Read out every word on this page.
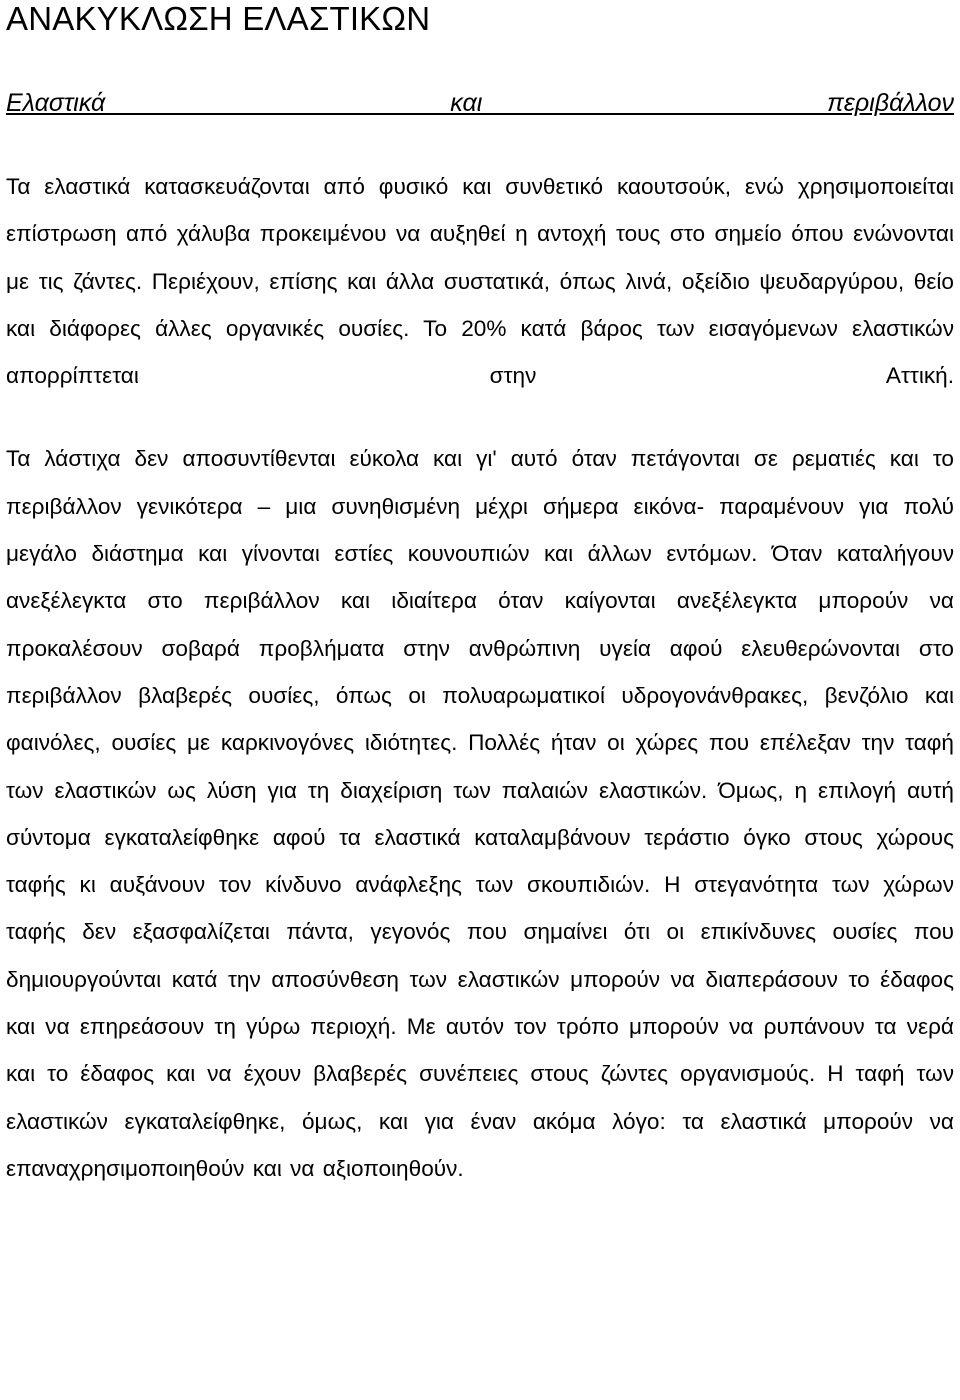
ΑΝΑΚΥΚΛΩΣΗ ΕΛΑΣΤΙΚΩΝ
Ελαστικά και περιβάλλον

Τα ελαστικά κατασκευάζονται από φυσικό και συνθετικό καουτσούκ, ενώ χρησιμοποιείται επίστρωση από χάλυβα προκειμένου να αυξηθεί η αντοχή τους στο σημείο όπου ενώνονται με τις ζάντες. Περιέχουν, επίσης και άλλα συστατικά, όπως λινά, οξείδιο ψευδαργύρου, θείο και διάφορες άλλες οργανικές ουσίες. Το 20% κατά βάρος των εισαγόμενων ελαστικών απορρίπτεται στην Αττική.

Τα λάστιχα δεν αποσυντίθενται εύκολα και γι' αυτό όταν πετάγονται σε ρεματιές και το περιβάλλον γενικότερα – μια συνηθισμένη μέχρι σήμερα εικόνα- παραμένουν για πολύ μεγάλο διάστημα και γίνονται εστίες κουνουπιών και άλλων εντόμων. Όταν καταλήγουν ανεξέλεγκτα στο περιβάλλον και ιδιαίτερα όταν καίγονται ανεξέλεγκτα μπορούν να προκαλέσουν σοβαρά προβλήματα στην ανθρώπινη υγεία αφού ελευθερώνονται στο περιβάλλον βλαβερές ουσίες, όπως οι πολυαρωματικοί υδρογονάνθρακες, βενζόλιο και φαινόλες, ουσίες με καρκινογόνες ιδιότητες. Πολλές ήταν οι χώρες που επέλεξαν την ταφή των ελαστικών ως λύση για τη διαχείριση των παλαιών ελαστικών. Όμως, η επιλογή αυτή σύντομα εγκαταλείφθηκε αφού τα ελαστικά καταλαμβάνουν τεράστιο όγκο στους χώρους ταφής κι αυξάνουν τον κίνδυνο ανάφλεξης των σκουπιδιών. Η στεγανότητα των χώρων ταφής δεν εξασφαλίζεται πάντα, γεγονός που σημαίνει ότι οι επικίνδυνες ουσίες που δημιουργούνται κατά την αποσύνθεση των ελαστικών μπορούν να διαπεράσουν το έδαφος και να επηρεάσουν τη γύρω περιοχή. Με αυτόν τον τρόπο μπορούν να ρυπάνουν τα νερά και το έδαφος και να έχουν βλαβερές συνέπειες στους ζώντες οργανισμούς. Η ταφή των ελαστικών εγκαταλείφθηκε, όμως, και για έναν ακόμα λόγο: τα ελαστικά μπορούν να επαναχρησιμοποιηθούν και να αξιοποιηθούν.
